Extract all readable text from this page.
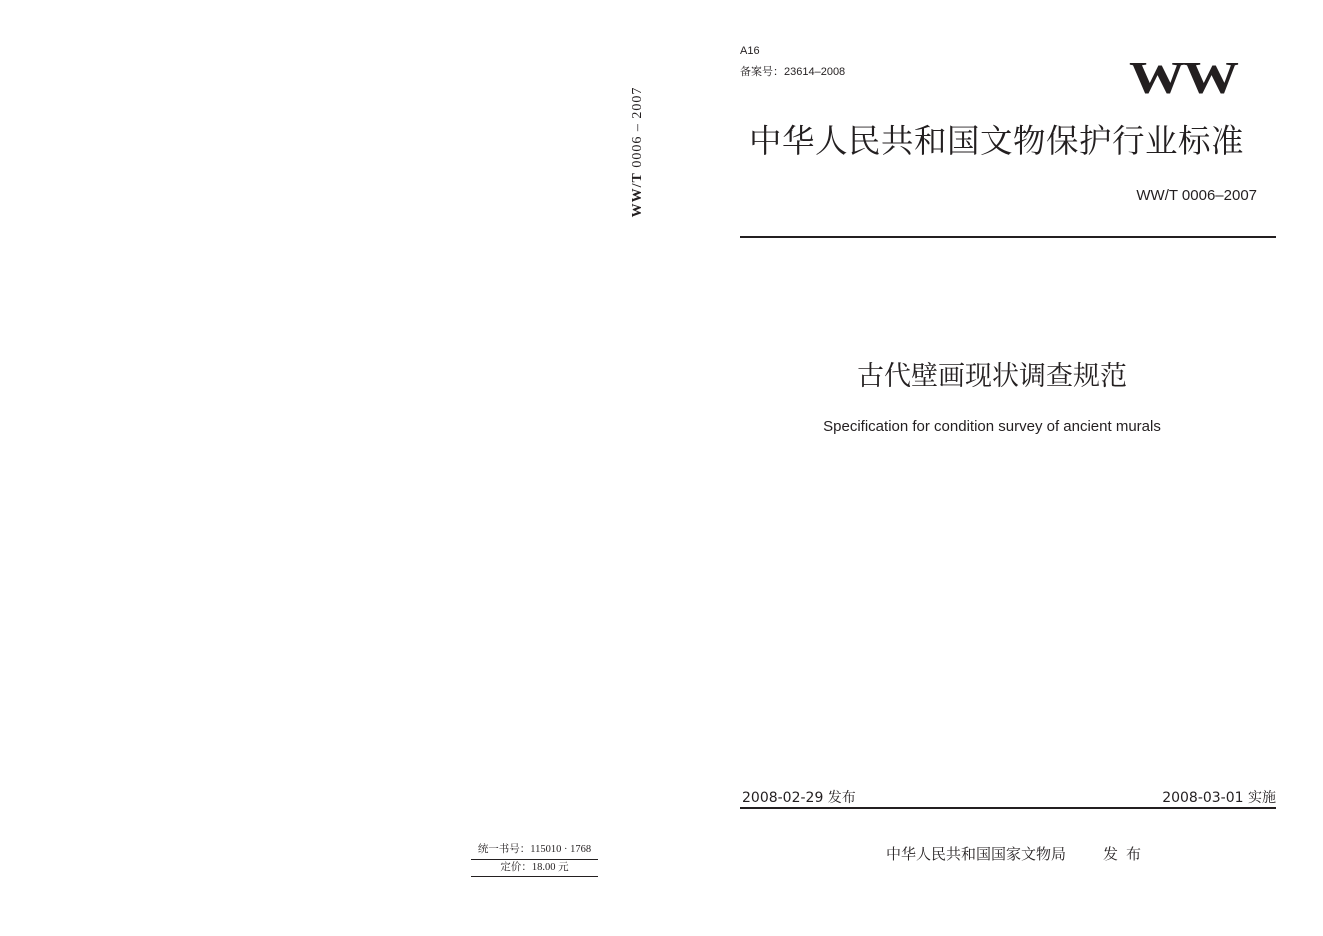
WW/T 0006 – 2007
统一书号：115010 · 1768
定价：18.00 元
A16
备案号：23614–2008	WW
中华人民共和国文物保护行业标准
WW/T 0006–2007
古代壁画现状调查规范
Specification for condition survey of ancient murals
2008-02-29 发布	2008-03-01 实施
中华人民共和国国家文物局 发布
